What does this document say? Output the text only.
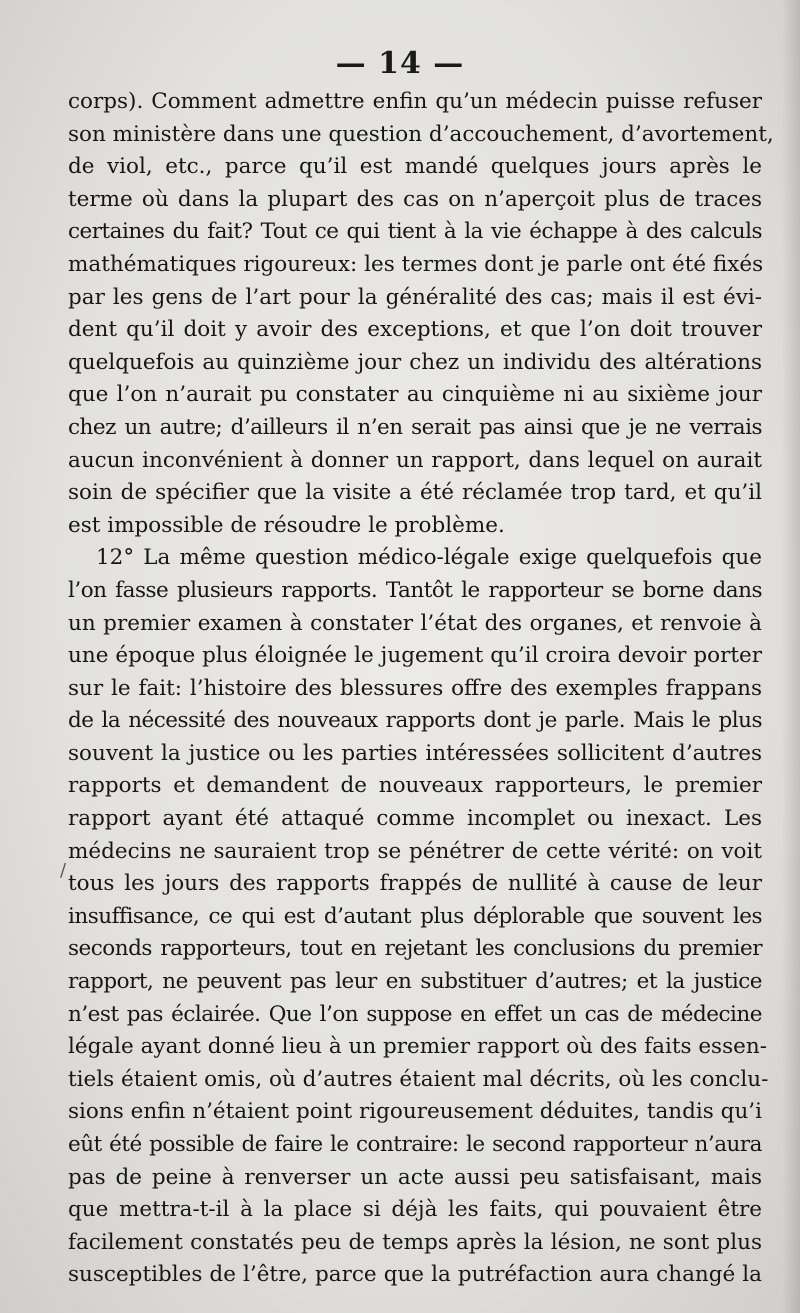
— 14 —
corps). Comment admettre enfin qu’un médecin puisse refuser
son ministère dans une question d’accouchement, d’avortement,
de viol, etc., parce qu’il est mandé quelques jours après le
terme où dans la plupart des cas on n’aperçoit plus de traces
certaines du fait? Tout ce qui tient à la vie échappe à des calculs
mathématiques rigoureux: les termes dont je parle ont été fixés
par les gens de l’art pour la généralité des cas; mais il est évi-
dent qu’il doit y avoir des exceptions, et que l’on doit trouver
quelquefois au quinzième jour chez un individu des altérations
que l’on n’aurait pu constater au cinquième ni au sixième jour
chez un autre; d’ailleurs il n’en serait pas ainsi que je ne verrais
aucun inconvénient à donner un rapport, dans lequel on aurait
soin de spécifier que la visite a été réclamée trop tard, et qu’il
est impossible de résoudre le problème.
12° La même question médico-légale exige quelquefois que
l’on fasse plusieurs rapports. Tantôt le rapporteur se borne dans
un premier examen à constater l’état des organes, et renvoie à
une époque plus éloignée le jugement qu’il croira devoir porter
sur le fait: l’histoire des blessures offre des exemples frappans
de la nécessité des nouveaux rapports dont je parle. Mais le plus
souvent la justice ou les parties intéressées sollicitent d’autres
rapports et demandent de nouveaux rapporteurs, le premier
rapport ayant été attaqué comme incomplet ou inexact. Les
médecins ne sauraient trop se pénétrer de cette vérité: on voit
tous les jours des rapports frappés de nullité à cause de leur
insuffisance, ce qui est d’autant plus déplorable que souvent les
seconds rapporteurs, tout en rejetant les conclusions du premier
rapport, ne peuvent pas leur en substituer d’autres; et la justice
n’est pas éclairée. Que l’on suppose en effet un cas de médecine
légale ayant donné lieu à un premier rapport où des faits essen-
tiels étaient omis, où d’autres étaient mal décrits, où les conclu-
sions enfin n’étaient point rigoureusement déduites, tandis qu’i
eût été possible de faire le contraire: le second rapporteur n’aura
pas de peine à renverser un acte aussi peu satisfaisant, mais
que mettra-t-il à la place si déjà les faits, qui pouvaient être
facilement constatés peu de temps après la lésion, ne sont plus
susceptibles de l’être, parce que la putréfaction aura changé la
/
